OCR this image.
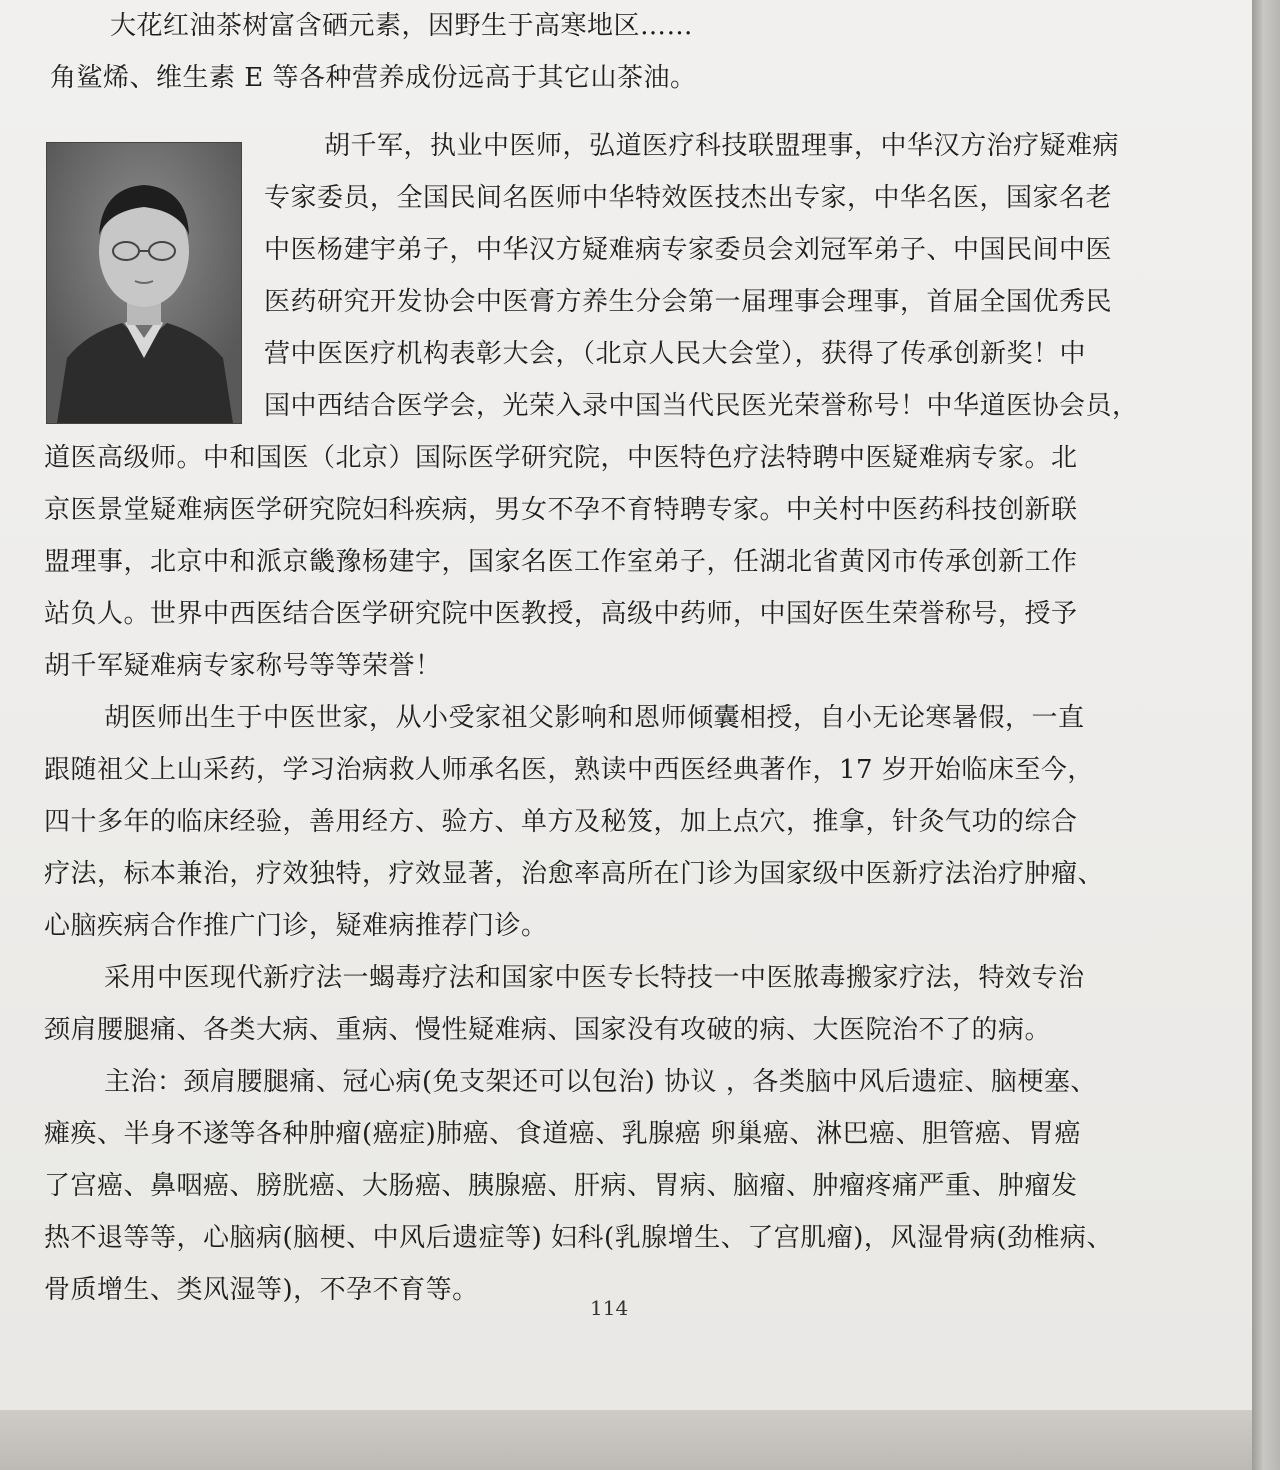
大花红油茶树富含硒元素，因野生于高寒地区……
角鲨烯、维生素 E 等各种营养成份远高于其它山茶油。
胡千军，执业中医师，弘道医疗科技联盟理事，中华汉方治疗疑难病
专家委员，全国民间名医师中华特效医技杰出专家，中华名医，国家名老
中医杨建宇弟子，中华汉方疑难病专家委员会刘冠军弟子、中国民间中医
医药研究开发协会中医膏方养生分会第一届理事会理事，首届全国优秀民
营中医医疗机构表彰大会，（北京人民大会堂），获得了传承创新奖！中
国中西结合医学会，光荣入录中国当代民医光荣誉称号！中华道医协会员，
道医高级师。中和国医（北京）国际医学研究院，中医特色疗法特聘中医疑难病专家。北
京医景堂疑难病医学研究院妇科疾病，男女不孕不育特聘专家。中关村中医药科技创新联
盟理事，北京中和派京畿豫杨建宇，国家名医工作室弟子，任湖北省黄冈市传承创新工作
站负人。世界中西医结合医学研究院中医教授，高级中药师，中国好医生荣誉称号，授予
胡千军疑难病专家称号等等荣誉！
胡医师出生于中医世家，从小受家祖父影响和恩师倾囊相授，自小无论寒暑假，一直
跟随祖父上山采药，学习治病救人师承名医，熟读中西医经典著作，17 岁开始临床至今，
四十多年的临床经验，善用经方、验方、单方及秘笈，加上点穴，推拿，针灸气功的综合
疗法，标本兼治，疗效独特，疗效显著，治愈率高所在门诊为国家级中医新疗法治疗肿瘤、
心脑疾病合作推广门诊，疑难病推荐门诊。
采用中医现代新疗法一蝎毒疗法和国家中医专长特技一中医脓毒搬家疗法，特效专治
颈肩腰腿痛、各类大病、重病、慢性疑难病、国家没有攻破的病、大医院治不了的病。
主治：颈肩腰腿痛、冠心病(免支架还可以包治) 协议 ，各类脑中风后遗症、脑梗塞、
瘫痪、半身不遂等各种肿瘤(癌症)肺癌、食道癌、乳腺癌 卵巢癌、淋巴癌、胆管癌、胃癌
了宫癌、鼻咽癌、膀胱癌、大肠癌、胰腺癌、肝病、胃病、脑瘤、肿瘤疼痛严重、肿瘤发
热不退等等，心脑病(脑梗、中风后遗症等) 妇科(乳腺增生、了宫肌瘤)，风湿骨病(劲椎病、
骨质增生、类风湿等)，不孕不育等。
114
